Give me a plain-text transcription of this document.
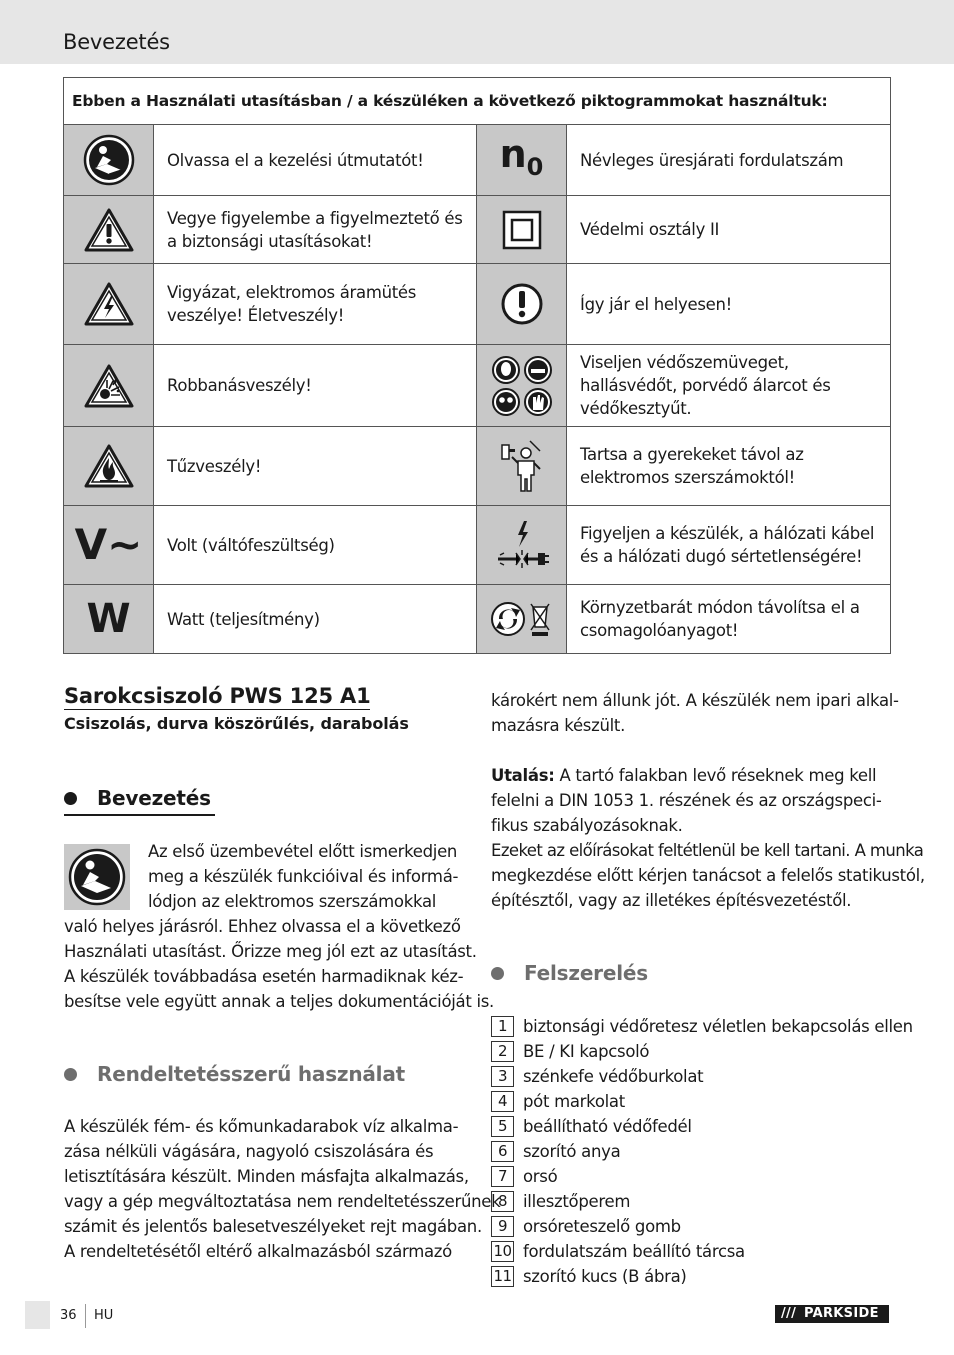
Bevezetés
Ebben a Használati utasításban / a készüléken a következő piktogrammokat használtuk:			

	Olvassa el a kezelési útmutatót!	$n_0$	Névleges üresjárati fordulatszám

	Vegye figyelembe a figyelmeztető és a biztonsági utasításokat!		Védelmi osztály II

	Vigyázat, elektromos áramütés veszélye! Életveszély!		Így jár el helyesen!

	Robbanásveszély!		Viseljen védőszemüveget, hallásvédőt, porvédő álarcot és védőkesztyűt.

	Tűzveszély!		Tartsa a gyerekeket távol az elektromos szerszámoktól!
V~	Volt (váltófeszültség)		Figyeljen a készülék, a hálózati kábel és a hálózati dugó sértetlenségére!
W	Watt (teljesítmény)		Környzetbarát módon távolítsa el a csomagolóanyagot!
Sarokcsiszoló PWS 125 A1
Csiszolás, durva köszörűlés, darabolás
Bevezetés
Az első üzembevétel előtt ismerkedjen
meg a készülék funkcióival és informá-
lódjon az elektromos szerszámokkal
való helyes járásról. Ehhez olvassa el a következő
Használati utasítást. Őrizze meg jól ezt az utasítást.
A készülék továbbadása esetén harmadiknak kéz-
besítse vele együtt annak a teljes dokumentációját is.
Rendeltetésszerű használat
A készülék fém- és kőmunkadarabok víz alkalma-
zása nélküli vágására, nagyoló csiszolására és
letisztítására készült. Minden másfajta alkalmazás,
vagy a gép megváltoztatása nem rendeltetésszerűnek
számit és jelentős balesetveszélyeket rejt magában.
A rendeltetésétől eltérő alkalmazásból származó
károkért nem állunk jót. A készülék nem ipari alkal-
mazásra készült.
Utalás: A tartó falakban levő réseknek meg kell
felelni a DIN 1053 1. részének és az országspeci-
fikus szabályozásoknak.
Ezeket az előírásokat feltétlenül be kell tartani. A munka
megkezdése előtt kérjen tanácsot a felelős statikustól,
építésztől, vagy az illetékes építésvezetéstől.
Felszerelés
1 biztonsági védőretesz véletlen bekapcsolás ellen
2 BE / KI kapcsoló
3 szénkefe védőburkolat
4 pót markolat
5 beállítható védőfedél
6 szorító anya
7 orsó
8 illesztőperem
9 orsóreteszelő gomb
10 fordulatszám beállító tárcsa
11 szorító kucs (B ábra)
36 HU	/// PARKSIDE
